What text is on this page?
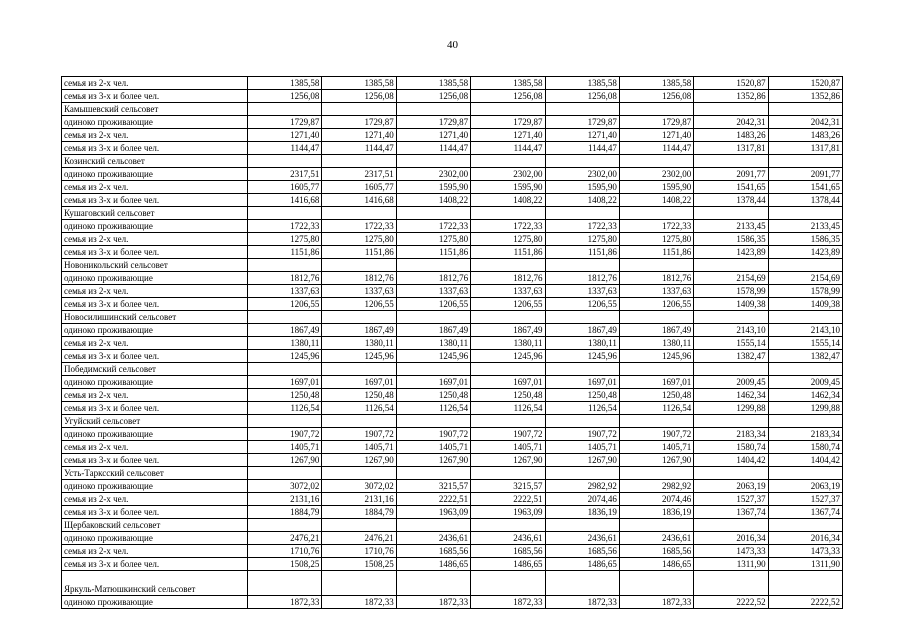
40
семья из 2-х чел.	1385,58	1385,58	1385,58	1385,58	1385,58	1385,58	1520,87	1520,87
семья из 3-х и более чел.	1256,08	1256,08	1256,08	1256,08	1256,08	1256,08	1352,86	1352,86
Камышевский сельсовет								
одиноко проживающие	1729,87	1729,87	1729,87	1729,87	1729,87	1729,87	2042,31	2042,31
семья из 2-х чел.	1271,40	1271,40	1271,40	1271,40	1271,40	1271,40	1483,26	1483,26
семья из 3-х и более чел.	1144,47	1144,47	1144,47	1144,47	1144,47	1144,47	1317,81	1317,81
Козинский сельсовет								
одиноко проживающие	2317,51	2317,51	2302,00	2302,00	2302,00	2302,00	2091,77	2091,77
семья из 2-х чел.	1605,77	1605,77	1595,90	1595,90	1595,90	1595,90	1541,65	1541,65
семья из 3-х и более чел.	1416,68	1416,68	1408,22	1408,22	1408,22	1408,22	1378,44	1378,44
Кушаговский сельсовет								
одиноко проживающие	1722,33	1722,33	1722,33	1722,33	1722,33	1722,33	2133,45	2133,45
семья из 2-х чел.	1275,80	1275,80	1275,80	1275,80	1275,80	1275,80	1586,35	1586,35
семья из 3-х и более чел.	1151,86	1151,86	1151,86	1151,86	1151,86	1151,86	1423,89	1423,89
Новоникольский сельсовет								
одиноко проживающие	1812,76	1812,76	1812,76	1812,76	1812,76	1812,76	2154,69	2154,69
семья из 2-х чел.	1337,63	1337,63	1337,63	1337,63	1337,63	1337,63	1578,99	1578,99
семья из 3-х и более чел.	1206,55	1206,55	1206,55	1206,55	1206,55	1206,55	1409,38	1409,38
Новосилишинский сельсовет								
одиноко проживающие	1867,49	1867,49	1867,49	1867,49	1867,49	1867,49	2143,10	2143,10
семья из 2-х чел.	1380,11	1380,11	1380,11	1380,11	1380,11	1380,11	1555,14	1555,14
семья из 3-х и более чел.	1245,96	1245,96	1245,96	1245,96	1245,96	1245,96	1382,47	1382,47
Победимский сельсовет								
одиноко проживающие	1697,01	1697,01	1697,01	1697,01	1697,01	1697,01	2009,45	2009,45
семья из 2-х чел.	1250,48	1250,48	1250,48	1250,48	1250,48	1250,48	1462,34	1462,34
семья из 3-х и более чел.	1126,54	1126,54	1126,54	1126,54	1126,54	1126,54	1299,88	1299,88
Угуйский сельсовет								
одиноко проживающие	1907,72	1907,72	1907,72	1907,72	1907,72	1907,72	2183,34	2183,34
семья из 2-х чел.	1405,71	1405,71	1405,71	1405,71	1405,71	1405,71	1580,74	1580,74
семья из 3-х и более чел.	1267,90	1267,90	1267,90	1267,90	1267,90	1267,90	1404,42	1404,42
Усть-Тарксский сельсовет								
одиноко проживающие	3072,02	3072,02	3215,57	3215,57	2982,92	2982,92	2063,19	2063,19
семья из 2-х чел.	2131,16	2131,16	2222,51	2222,51	2074,46	2074,46	1527,37	1527,37
семья из 3-х и более чел.	1884,79	1884,79	1963,09	1963,09	1836,19	1836,19	1367,74	1367,74
Щербаковский сельсовет								
одиноко проживающие	2476,21	2476,21	2436,61	2436,61	2436,61	2436,61	2016,34	2016,34
семья из 2-х чел.	1710,76	1710,76	1685,56	1685,56	1685,56	1685,56	1473,33	1473,33
семья из 3-х и более чел.	1508,25	1508,25	1486,65	1486,65	1486,65	1486,65	1311,90	1311,90
Яркуль-Матюшкинский сельсовет								
одиноко проживающие	1872,33	1872,33	1872,33	1872,33	1872,33	1872,33	2222,52	2222,52
